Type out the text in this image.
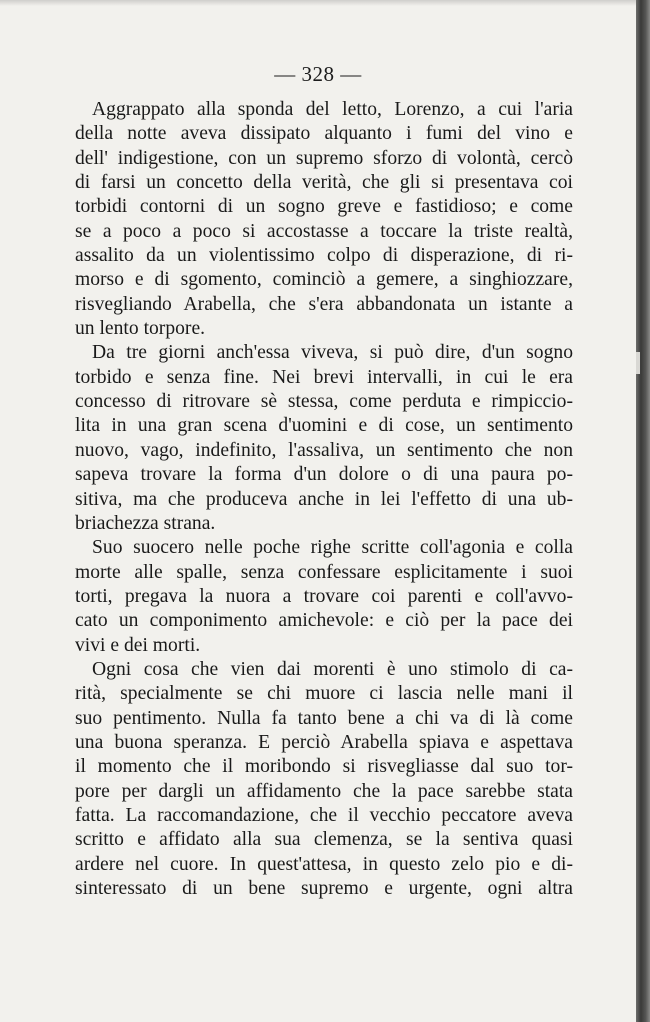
— 328 —
Aggrappato alla sponda del letto, Lorenzo, a cui l'aria
della notte aveva dissipato alquanto i fumi del vino e
dell' indigestione, con un supremo sforzo di volontà, cercò
di farsi un concetto della verità, che gli si presentava coi
torbidi contorni di un sogno greve e fastidioso; e come
se a poco a poco si accostasse a toccare la triste realtà,
assalito da un violentissimo colpo di disperazione, di ri-
morso e di sgomento, cominciò a gemere, a singhiozzare,
risvegliando Arabella, che s'era abbandonata un istante a
un lento torpore.
Da tre giorni anch'essa viveva, si può dire, d'un sogno
torbido e senza fine. Nei brevi intervalli, in cui le era
concesso di ritrovare sè stessa, come perduta e rimpiccio-
lita in una gran scena d'uomini e di cose, un sentimento
nuovo, vago, indefinito, l'assaliva, un sentimento che non
sapeva trovare la forma d'un dolore o di una paura po-
sitiva, ma che produceva anche in lei l'effetto di una ub-
briachezza strana.
Suo suocero nelle poche righe scritte coll'agonia e colla
morte alle spalle, senza confessare esplicitamente i suoi
torti, pregava la nuora a trovare coi parenti e coll'avvo-
cato un componimento amichevole: e ciò per la pace dei
vivi e dei morti.
Ogni cosa che vien dai morenti è uno stimolo di ca-
rità, specialmente se chi muore ci lascia nelle mani il
suo pentimento. Nulla fa tanto bene a chi va di là come
una buona speranza. E perciò Arabella spiava e aspettava
il momento che il moribondo si risvegliasse dal suo tor-
pore per dargli un affidamento che la pace sarebbe stata
fatta. La raccomandazione, che il vecchio peccatore aveva
scritto e affidato alla sua clemenza, se la sentiva quasi
ardere nel cuore. In quest'attesa, in questo zelo pio e di-
sinteressato di un bene supremo e urgente, ogni altra
